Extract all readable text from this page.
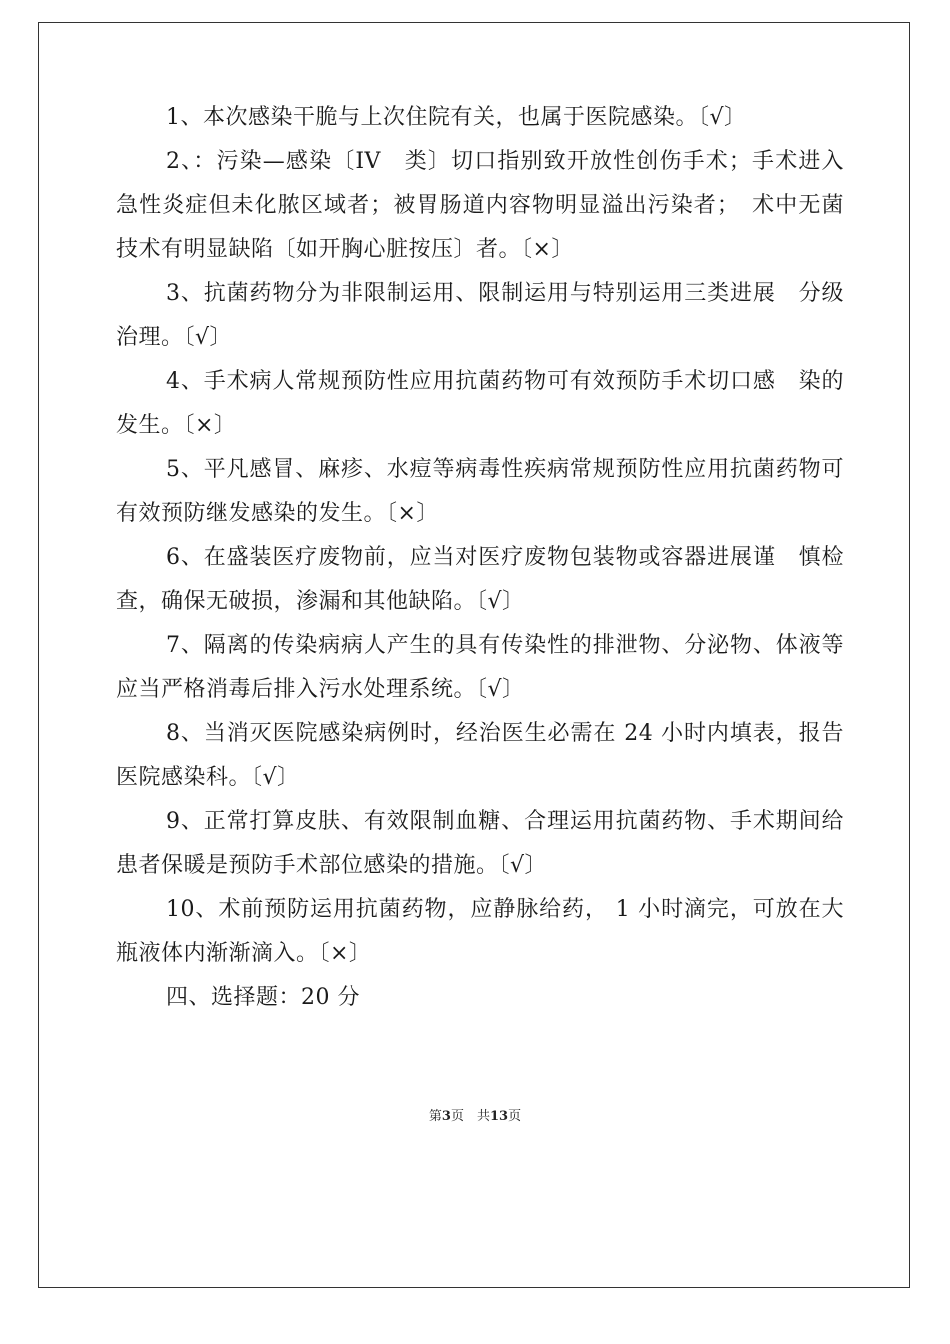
1、本次感染干脆与上次住院有关，也属于医院感染。〔√〕

2、：污染—感染〔IV　类〕切口指别致开放性创伤手术；手术进入急性炎症但未化脓区域者；被胃肠道内容物明显溢出污染者；　术中无菌技术有明显缺陷〔如开胸心脏按压〕者。〔×〕

3、抗菌药物分为非限制运用、限制运用与特别运用三类进展　分级治理。〔√〕

4、手术病人常规预防性应用抗菌药物可有效预防手术切口感　染的发生。〔×〕

5、平凡感冒、麻疹、水痘等病毒性疾病常规预防性应用抗菌药物可有效预防继发感染的发生。〔×〕

6、在盛装医疗废物前，应当对医疗废物包装物或容器进展谨　慎检查，确保无破损，渗漏和其他缺陷。〔√〕

7、隔离的传染病病人产生的具有传染性的排泄物、分泌物、体液等应当严格消毒后排入污水处理系统。〔√〕

8、当消灭医院感染病例时，经治医生必需在 24 小时内填表，报告医院感染科。〔√〕

9、正常打算皮肤、有效限制血糖、合理运用抗菌药物、手术期间给患者保暖是预防手术部位感染的措施。〔√〕

10、术前预防运用抗菌药物，应静脉给药， 1 小时滴完，可放在大瓶液体内渐渐滴入。〔×〕

四、选择题：20 分

第3页　共13页
